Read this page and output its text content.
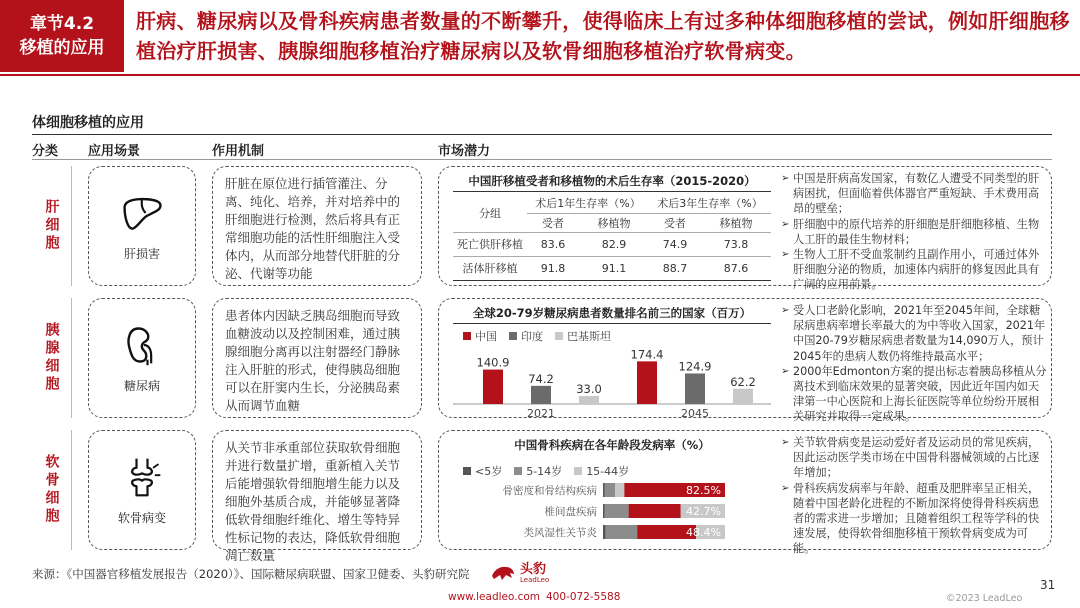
章节4.2
移植的应用
肝病、糖尿病以及骨科疾病患者数量的不断攀升，使得临床上有过多种体细胞移植的尝试，例如肝细胞移植治疗肝损害、胰腺细胞移植治疗糖尿病以及软骨细胞移植治疗软骨病变。
体细胞移植的应用
分类 应用场景	作用机制	市场潜力
肝细胞
肝损害
肝脏在原位进行插管灌注、分离、纯化、培养，并对培养中的肝细胞进行检测，然后将具有正常细胞功能的活性肝细胞注入受体内，从而部分地替代肝脏的分泌、代谢等功能
中国肝移植受者和移植物的术后生存率（2015-2020）
分组	术后1年生存率（%）		术后3年生存率（%）	
	受者	移植物	受者	移植物
死亡供肝移植	83.6	82.9	74.9	73.8
活体肝移植	91.8	91.1	88.7	87.6
➢ 中国是肝病高发国家，有数亿人遭受不同类型的肝病困扰，但面临着供体器官严重短缺、手术费用高昂的壁垒；
➢ 肝细胞中的原代培养的肝细胞是肝细胞移植、生物人工肝的最佳生物材料；
➢ 生物人工肝不受血浆制约且副作用小，可通过体外肝细胞分泌的物质，加速体内病肝的修复因此具有广阔的应用前景。
胰腺细胞	糖尿病
患者体内因缺乏胰岛细胞而导致血糖波动以及控制困难，通过胰腺细胞分离再以注射器经门静脉注入肝脏的形式，使得胰岛细胞可以在肝窦内生长，分泌胰岛素从而调节血糖
全球20-79岁糖尿病患者数量排名前三的国家（百万）
中国 印度 巴基斯坦
140.9
74.2
33.0
2021
174.4
124.9
62.2
2045
➢ 受人口老龄化影响，2021年至2045年间，全球糖尿病患病率增长率最大的为中等收入国家，2021年中国20-79岁糖尿病患者数量为14,090万人，预计2045年的患病人数仍将维持最高水平；
➢ 2000年Edmonton方案的提出标志着胰岛移植从分离技术到临床效果的显著突破，因此近年国内如天津第一中心医院和上海长征医院等单位纷纷开展相关研究并取得一定成果。
软骨细胞	软骨病变
从关节非承重部位获取软骨细胞并进行数量扩增，重新植入关节后能增强软骨细胞增生能力以及细胞外基质合成，并能够显著降低软骨细胞纤维化、增生等特异性标记物的表达，降低软骨细胞凋亡数量
中国骨科疾病在各年龄段发病率（%）
<5岁 5-14岁 15-44岁
骨密度和骨结构疾病	82.5%
椎间盘疾病	42.7%
类风湿性关节炎	48.4%
➢ 关节软骨病变是运动爱好者及运动员的常见疾病，因此运动医学类市场在中国骨科器械领域的占比逐年增加；
➢ 骨科疾病发病率与年龄、超重及肥胖率呈正相关，随着中国老龄化进程的不断加深将使得骨科疾病患者的需求进一步增加；且随着组织工程等学科的快速发展，使得软骨细胞移植干预软骨病变成为可能。
来源：《中国器官移植发展报告（2020）》、国际糖尿病联盟、国家卫健委、头豹研究院	头豹
LeadLeo
www.leadleo.com 400-072-5588
31
©2023 LeadLeo
